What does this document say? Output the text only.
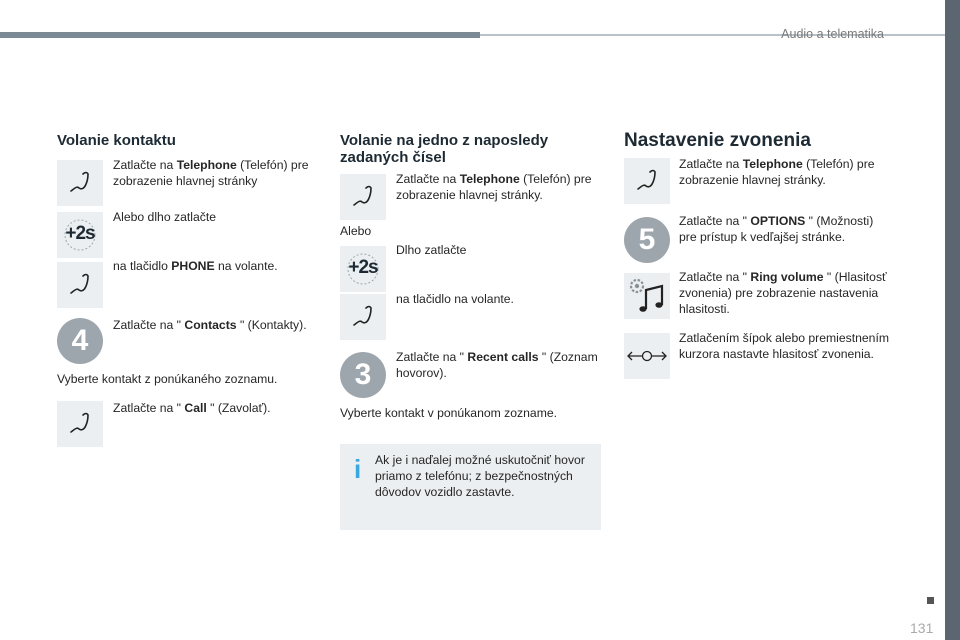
Audio a telematika
131
Volanie kontaktu
Zatlačte na Telephone (Telefón) pre zobrazenie hlavnej stránky
+2s
Alebo dlho zatlačte
na tlačidlo PHONE na volante.
4	Zatlačte na " Contacts " (Kontakty).
Vyberte kontakt z ponúkaného zoznamu.
Zatlačte na " Call " (Zavolať).
Volanie na jedno z naposledy zadaných čísel
Zatlačte na Telephone (Telefón) pre zobrazenie hlavnej stránky.
Alebo
+2s
Dlho zatlačte
na tlačidlo na volante.
3
Zatlačte na " Recent calls " (Zoznam hovorov).
Vyberte kontakt v ponúkanom zozname.
i Ak je i naďalej možné uskutočniť hovor priamo z telefónu; z bezpečnostných dôvodov vozidlo zastavte.
Nastavenie zvonenia
Zatlačte na Telephone (Telefón) pre zobrazenie hlavnej stránky.
5
Zatlačte na " OPTIONS " (Možnosti) pre prístup k vedľajšej stránke.
Zatlačte na " Ring volume " (Hlasitosť zvonenia) pre zobrazenie nastavenia hlasitosti.
Zatlačením šípok alebo premiestnením kurzora nastavte hlasitosť zvonenia.
